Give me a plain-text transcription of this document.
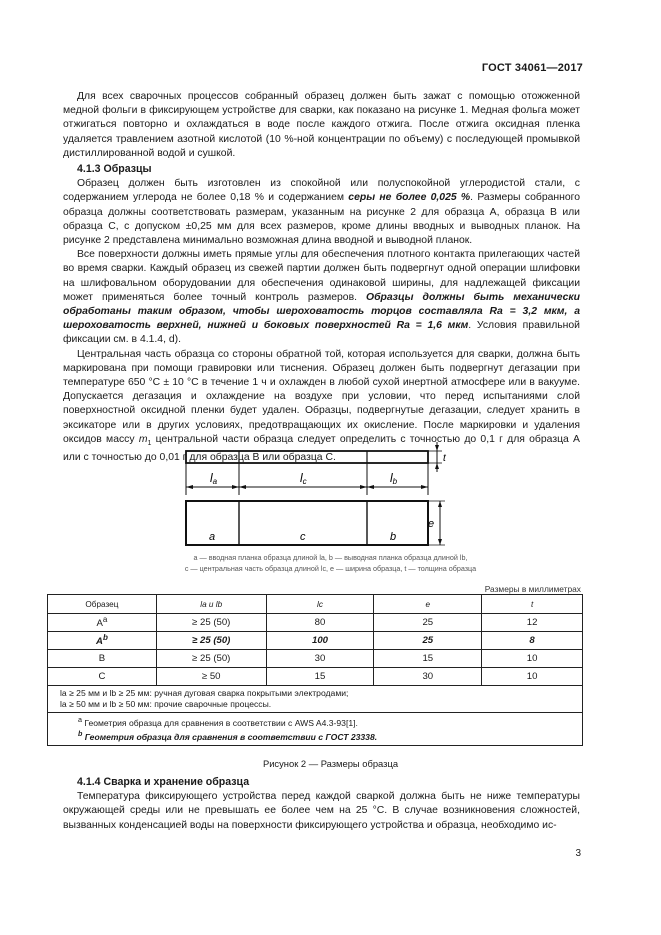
ГОСТ 34061—2017

Для всех сварочных процессов собранный образец должен быть зажат с помощью отожженной медной фольги в фиксирующем устройстве для сварки, как показано на рисунке 1. Медная фольга может отжигаться повторно и охлаждаться в воде после каждого отжига. После отжига оксидная пленка удаляется травлением азотной кислотой (10 %-ной концентрации по объему) с последующей промывкой дистиллированной водой и сушкой.

4.1.3 Образцы

Образец должен быть изготовлен из спокойной или полуспокойной углеродистой стали, с содержанием углерода не более 0,18 % и содержанием серы не более 0,025 %. Размеры собранного образца должны соответствовать размерам, указанным на рисунке 2 для образца А, образца В или образца С, с допуском ±0,25 мм для всех размеров, кроме длины вводных и выводных планок. На рисунке 2 представлена минимально возможная длина вводной и выводной планок.

Все поверхности должны иметь прямые углы для обеспечения плотного контакта прилегающих частей во время сварки. Каждый образец из свежей партии должен быть подвергнут одной операции шлифовки на шлифовальном оборудовании для обеспечения одинаковой ширины, для надлежащей фиксации может применяться более точный контроль размеров. Образцы должны быть механически обработаны таким образом, чтобы шероховатость торцов составляла Ra = 3,2 мкм, а шероховатость верхней, нижней и боковых поверхностей Ra = 1,6 мкм. Условия правильной фиксации см. в 4.1.4, d).

Центральная часть образца со стороны обратной той, которая используется для сварки, должна быть маркирована при помощи гравировки или тиснения. Образец должен быть подвергнут дегазации при температуре 650 °С ± 10 °С в течение 1 ч и охлажден в любой сухой инертной атмосфере или в вакууме. Допускается дегазация и охлаждение на воздухе при условии, что перед испытаниями слой поверхностной оксидной пленки будет удален. Образцы, подвергнутые дегазации, следует хранить в эксикаторе или в других условиях, предотвращающих их окисление. После маркировки и удаления оксидов массу $m_1$ центральной части образца следует определить с точностью до 0,1 г для образца А или с точностью до 0,01 г для образца В или образца С.

la	lc	lb
t
a	c	b
e
a — вводная планка образца длиной la, b — выводная планка образца длиной lb,
c — центральная часть образца длиной lc, e — ширина образца, t — толщина образца
Размеры в миллиметрах
Образец	la и lb	lc	e	t
$A^a$	≥ 25 (50)	80	25	12
$A^b$	≥ 25 (50)	100	25	8
B	≥ 25 (50)	30	15	10
C	≥ 50	15	30	10

la ≥ 25 мм и lb ≥ 25 мм: ручная дуговая сварка покрытыми электродами;
la ≥ 50 мм и lb ≥ 50 мм: прочие сварочные процессы.				

$^a$ Геометрия образца для сравнения в соответствии с AWS A4.3-93[1].
$^b$ Геометрия образца для сравнения в соответствии с ГОСТ 23338.				
Рисунок 2 — Размеры образца
4.1.4 Сварка и хранение образца

Температура фиксирующего устройства перед каждой сваркой должна быть не ниже температуры окружающей среды или не превышать ее более чем на 25 °С. В случае возникновения сложностей, вызванных конденсацией воды на поверхности фиксирующего устройства и образца, необходимо ис-

3
